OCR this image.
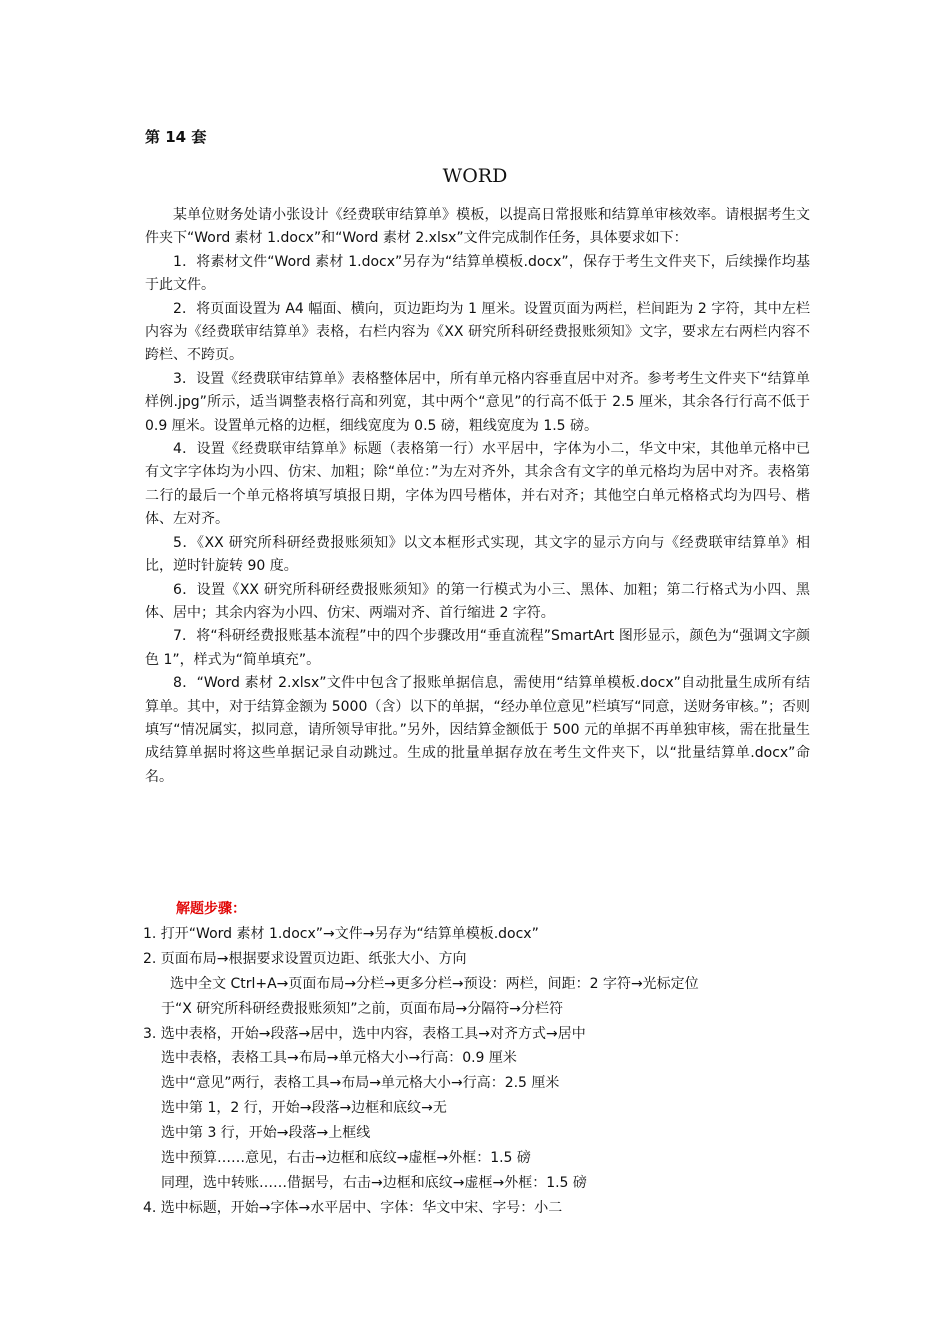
第 14 套
WORD

某单位财务处请小张设计《经费联审结算单》模板，以提高日常报账和结算单审核效率。请根据考生文件夹下“Word 素材 1.docx”和“Word 素材 2.xlsx”文件完成制作任务，具体要求如下：

1．将素材文件“Word 素材 1.docx”另存为“结算单模板.docx”，保存于考生文件夹下，后续操作均基于此文件。

2．将页面设置为 A4 幅面、横向，页边距均为 1 厘米。设置页面为两栏，栏间距为 2 字符，其中左栏内容为《经费联审结算单》表格，右栏内容为《XX 研究所科研经费报账须知》文字，要求左右两栏内容不跨栏、不跨页。

3．设置《经费联审结算单》表格整体居中，所有单元格内容垂直居中对齐。参考考生文件夹下“结算单样例.jpg”所示，适当调整表格行高和列宽，其中两个“意见”的行高不低于 2.5 厘米，其余各行行高不低于 0.9 厘米。设置单元格的边框，细线宽度为 0.5 磅，粗线宽度为 1.5 磅。

4．设置《经费联审结算单》标题（表格第一行）水平居中，字体为小二，华文中宋，其他单元格中已有文字字体均为小四、仿宋、加粗；除“单位：”为左对齐外，其余含有文字的单元格均为居中对齐。表格第二行的最后一个单元格将填写填报日期，字体为四号楷体，并右对齐；其他空白单元格格式均为四号、楷体、左对齐。

5．《XX 研究所科研经费报账须知》以文本框形式实现，其文字的显示方向与《经费联审结算单》相比，逆时针旋转 90 度。

6．设置《XX 研究所科研经费报账须知》的第一行模式为小三、黑体、加粗；第二行格式为小四、黑体、居中；其余内容为小四、仿宋、两端对齐、首行缩进 2 字符。

7．将“科研经费报账基本流程”中的四个步骤改用“垂直流程”SmartArt 图形显示，颜色为“强调文字颜色 1”，样式为“简单填充”。

8．“Word 素材 2.xlsx”文件中包含了报账单据信息，需使用“结算单模板.docx”自动批量生成所有结算单。其中，对于结算金额为 5000（含）以下的单据，“经办单位意见”栏填写“同意，送财务审核。”；否则填写“情况属实，拟同意，请所领导审批。”另外，因结算金额低于 500 元的单据不再单独审核，需在批量生成结算单据时将这些单据记录自动跳过。生成的批量单据存放在考生文件夹下，以“批量结算单.docx”命名。

解题步骤：
1. 打开“Word 素材 1.docx”→文件→另存为“结算单模板.docx”
2. 页面布局→根据要求设置页边距、纸张大小、方向
选中全文 Ctrl+A→页面布局→分栏→更多分栏→预设：两栏，间距：2 字符→光标定位
于“X 研究所科研经费报账须知”之前，页面布局→分隔符→分栏符
3. 选中表格，开始→段落→居中，选中内容，表格工具→对齐方式→居中
选中表格，表格工具→布局→单元格大小→行高：0.9 厘米
选中“意见”两行，表格工具→布局→单元格大小→行高：2.5 厘米
选中第 1，2 行，开始→段落→边框和底纹→无
选中第 3 行，开始→段落→上框线
选中预算……意见，右击→边框和底纹→虚框→外框：1.5 磅
同理，选中转账……借据号，右击→边框和底纹→虚框→外框：1.5 磅
4. 选中标题，开始→字体→水平居中、字体：华文中宋、字号：小二
